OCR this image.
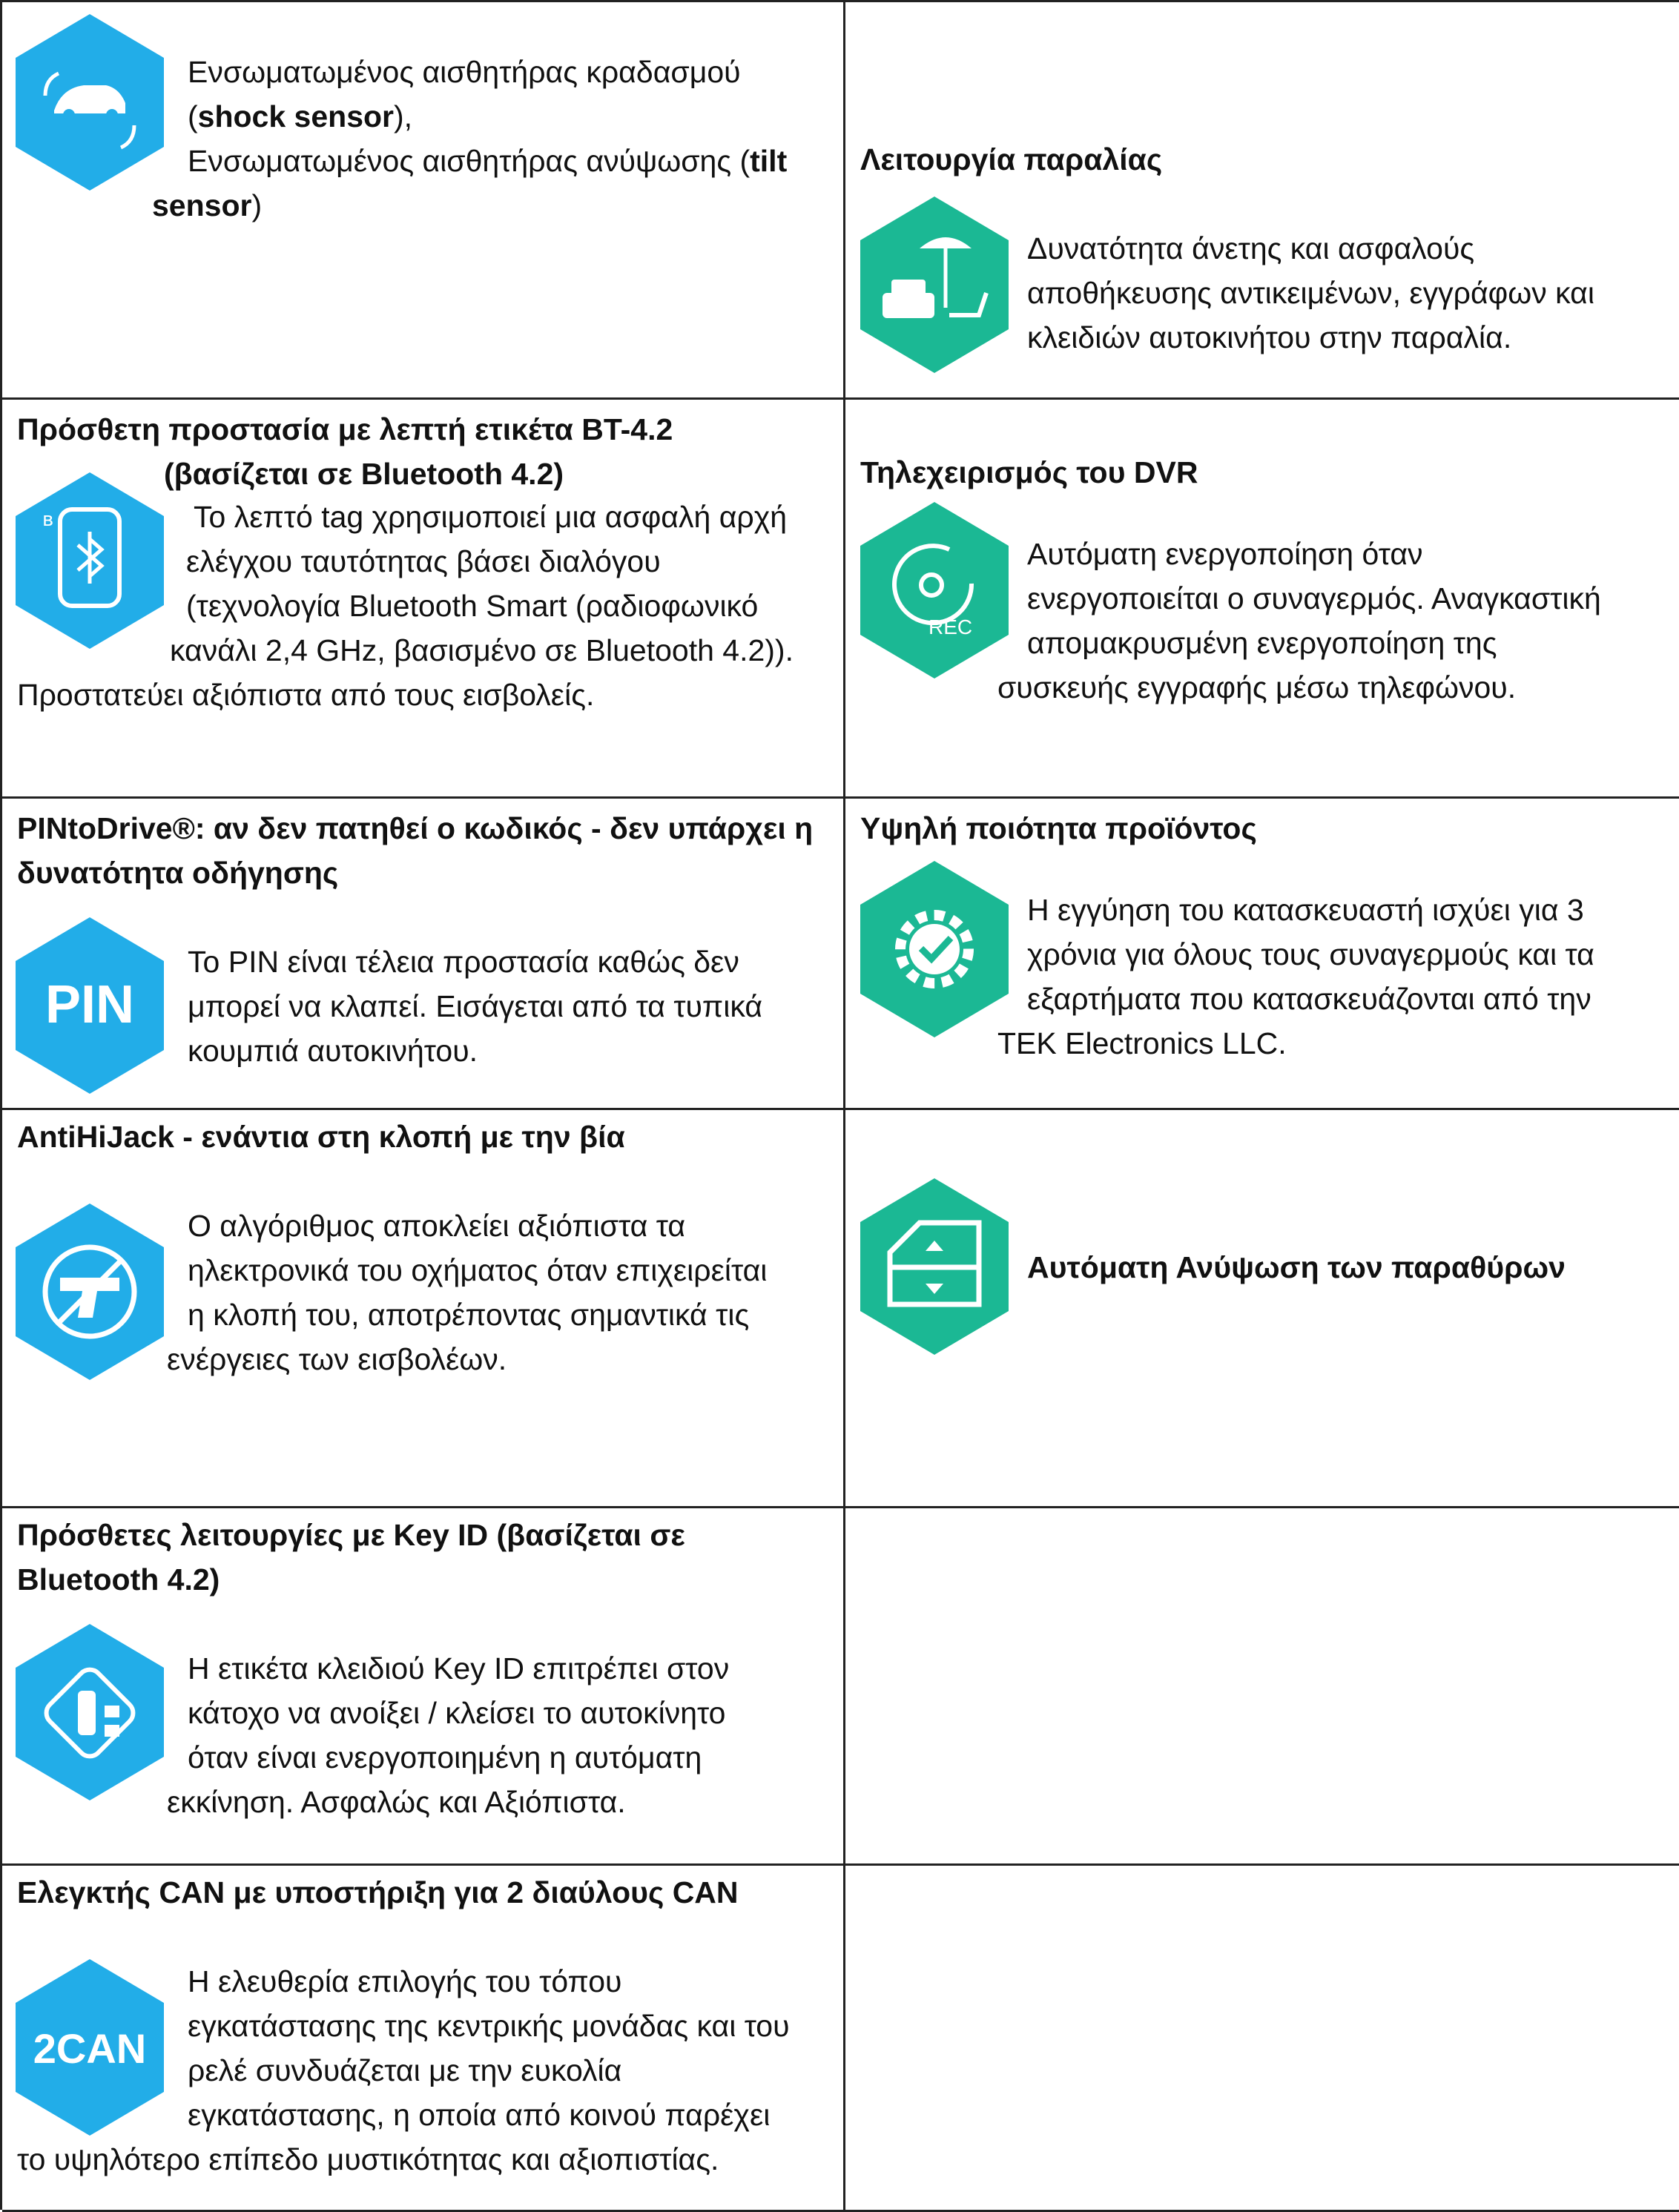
Ενσωματωμένος αισθητήρας κραδασμού
(shock sensor),
Ενσωματωμένος αισθητήρας ανύψωσης (tilt
sensor)
Λειτουργία παραλίας
Δυνατότητα άνετης και ασφαλούς
αποθήκευσης αντικειμένων, εγγράφων και
κλειδιών αυτοκινήτου στην παραλία.
Πρόσθετη προστασία με λεπτή ετικέτα BT-4.2
(βασίζεται σε Bluetooth 4.2)
ʙ	Το λεπτό tag χρησιμοποιεί μια ασφαλή αρχή
ελέγχου ταυτότητας βάσει διαλόγου
(τεχνολογία Bluetooth Smart (ραδιοφωνικό
κανάλι 2,4 GHz, βασισμένο σε Bluetooth 4.2)).
Προστατεύει αξιόπιστα από τους εισβολείς.
Τηλεχειρισμός του DVR
REC
Αυτόματη ενεργοποίηση όταν
ενεργοποιείται ο συναγερμός. Αναγκαστική
απομακρυσμένη ενεργοποίηση της
συσκευής εγγραφής μέσω τηλεφώνου.
PINtoDrive®: αν δεν πατηθεί ο κωδικός - δεν υπάρχει η
δυνατότητα οδήγησης
PIN
Το PIN είναι τέλεια προστασία καθώς δεν
μπορεί να κλαπεί. Εισάγεται από τα τυπικά
κουμπιά αυτοκινήτου.
Υψηλή ποιότητα προϊόντος
Η εγγύηση του κατασκευαστή ισχύει για 3
χρόνια για όλους τους συναγερμούς και τα
εξαρτήματα που κατασκευάζονται από την
TEK Electronics LLC.
AntiHiJack - ενάντια στη κλοπή με την βία
Ο αλγόριθμος αποκλείει αξιόπιστα τα
ηλεκτρονικά του οχήματος όταν επιχειρείται
η κλοπή του, αποτρέποντας σημαντικά τις
ενέργειες των εισβολέων.
Αυτόματη Ανύψωση των παραθύρων
Πρόσθετες λειτουργίες με Key ID (βασίζεται σε
Bluetooth 4.2)
Η ετικέτα κλειδιού Key ID επιτρέπει στον
κάτοχο να ανοίξει / κλείσει το αυτοκίνητο
όταν είναι ενεργοποιημένη η αυτόματη
εκκίνηση. Ασφαλώς και Αξιόπιστα.
Ελεγκτής CAN με υποστήριξη για 2 διαύλους CAN
2CAN
Η ελευθερία επιλογής του τόπου
εγκατάστασης της κεντρικής μονάδας και του
ρελέ συνδυάζεται με την ευκολία
εγκατάστασης, η οποία από κοινού παρέχει
το υψηλότερο επίπεδο μυστικότητας και αξιοπιστίας.
